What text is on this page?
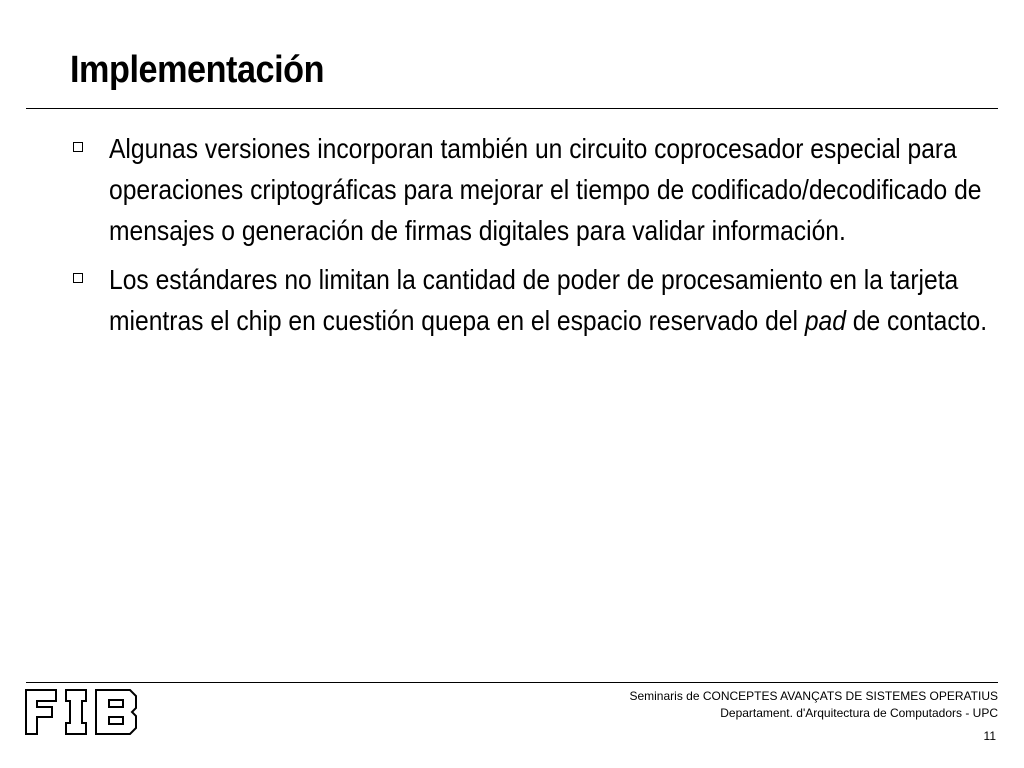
Implementación
Algunas versiones incorporan también un circuito coprocesador especial para operaciones criptográficas para mejorar el tiempo de codificado/decodificado de mensajes o generación de firmas digitales para validar información.
Los estándares no limitan la cantidad de poder de procesamiento en la tarjeta mientras el chip en cuestión quepa en el espacio reservado del pad de contacto.
Seminaris de CONCEPTES AVANÇATS DE SISTEMES OPERATIUS
Departament. d'Arquitectura de Computadors - UPC
11
